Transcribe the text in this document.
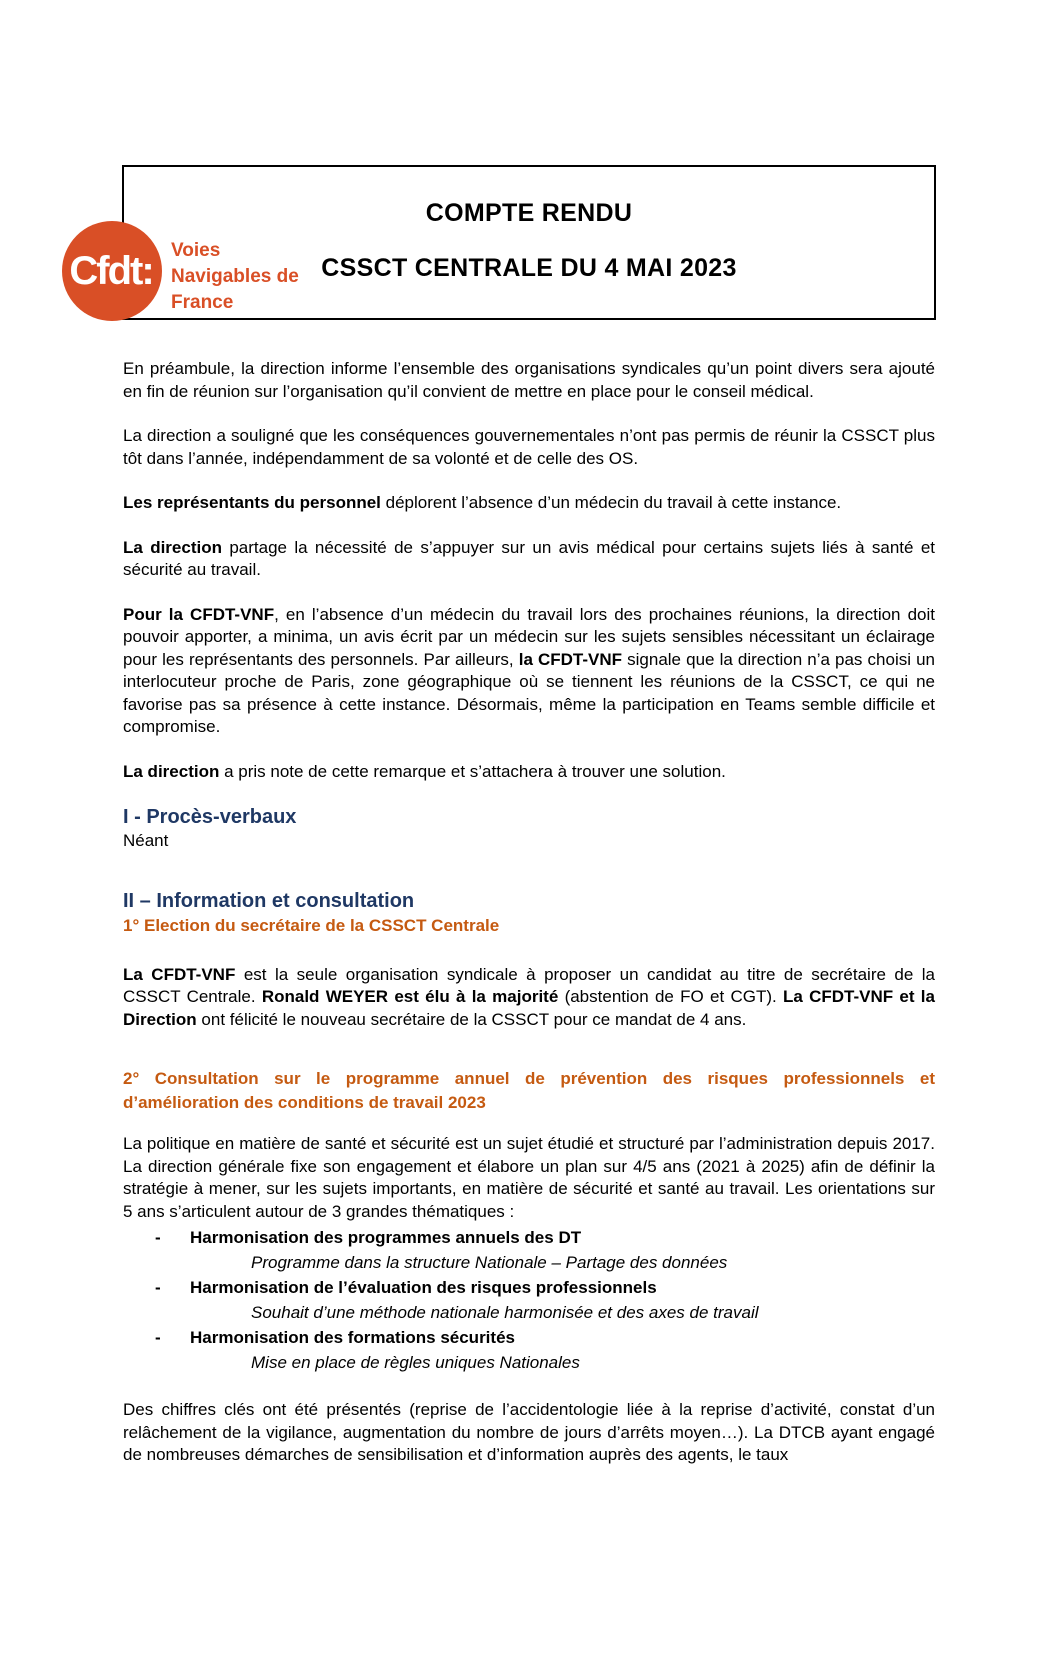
Cfdt: Voies
Navigables de
France
COMPTE RENDU
CSSCT CENTRALE DU 4 MAI 2023

En préambule, la direction informe l’ensemble des organisations syndicales qu’un point divers sera ajouté en fin de réunion sur l’organisation qu’il convient de mettre en place pour le conseil médical.

La direction a souligné que les conséquences gouvernementales n’ont pas permis de réunir la CSSCT plus tôt dans l’année, indépendamment de sa volonté et de celle des OS.

Les représentants du personnel déplorent l’absence d’un médecin du travail à cette instance.

La direction partage la nécessité de s’appuyer sur un avis médical pour certains sujets liés à santé et sécurité au travail.

Pour la CFDT-VNF, en l’absence d’un médecin du travail lors des prochaines réunions, la direction doit pouvoir apporter, a minima, un avis écrit par un médecin sur les sujets sensibles nécessitant un éclairage pour les représentants des personnels. Par ailleurs, la CFDT-VNF signale que la direction n’a pas choisi un interlocuteur proche de Paris, zone géographique où se tiennent les réunions de la CSSCT, ce qui ne favorise pas sa présence à cette instance. Désormais, même la participation en Teams semble difficile et compromise.

La direction a pris note de cette remarque et s’attachera à trouver une solution.

I - Procès-verbaux

Néant

II – Information et consultation
1° Election du secrétaire de la CSSCT Centrale

La CFDT-VNF est la seule organisation syndicale à proposer un candidat au titre de secrétaire de la CSSCT Centrale. Ronald WEYER est élu à la majorité (abstention de FO et CGT). La CFDT-VNF et la Direction ont félicité le nouveau secrétaire de la CSSCT pour ce mandat de 4 ans.

2° Consultation sur le programme annuel de prévention des risques professionnels et d’amélioration des conditions de travail 2023

La politique en matière de santé et sécurité est un sujet étudié et structuré par l’administration depuis 2017. La direction générale fixe son engagement et élabore un plan sur 4/5 ans (2021 à 2025) afin de définir la stratégie à mener, sur les sujets importants, en matière de sécurité et santé au travail. Les orientations sur 5 ans s’articulent autour de 3 grandes thématiques :

- Harmonisation des programmes annuels des DT
Programme dans la structure Nationale – Partage des données
- Harmonisation de l’évaluation des risques professionnels
Souhait d’une méthode nationale harmonisée et des axes de travail
- Harmonisation des formations sécurités
Mise en place de règles uniques Nationales

Des chiffres clés ont été présentés (reprise de l’accidentologie liée à la reprise d’activité, constat d’un relâchement de la vigilance, augmentation du nombre de jours d’arrêts moyen…). La DTCB ayant engagé de nombreuses démarches de sensibilisation et d’information auprès des agents, le taux
